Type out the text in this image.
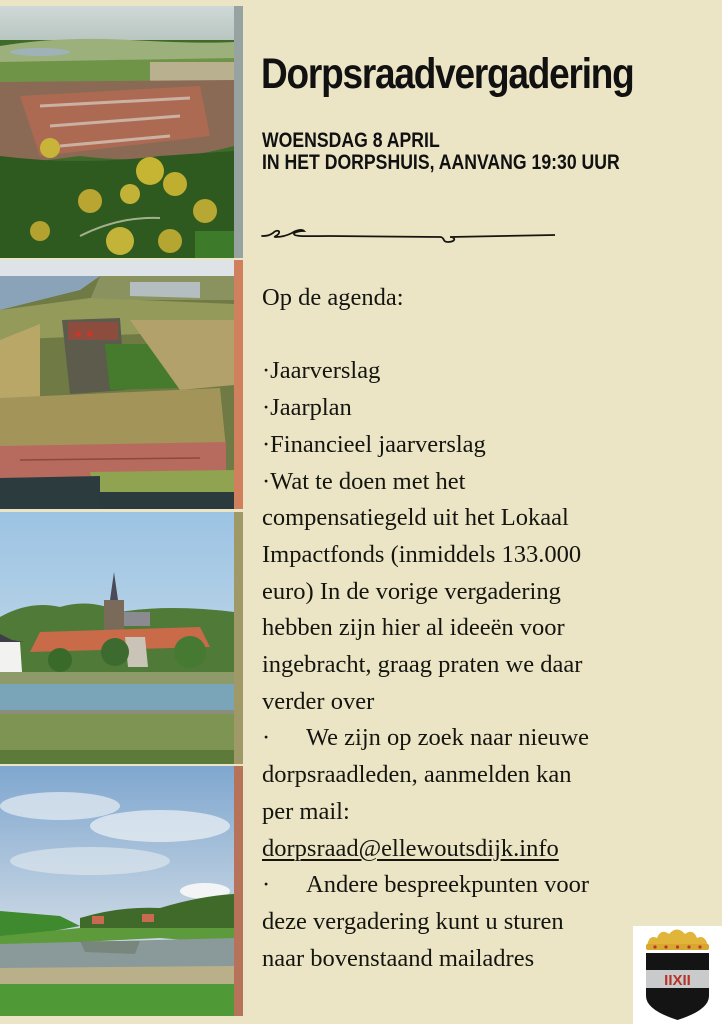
Dorpsraadvergadering
WOENSDAG 8 APRIL
IN HET DORPSHUIS, AANVANG 19:30 UUR
Op de agenda:
·Jaarverslag
·Jaarplan
·Financieel jaarverslag
·Wat te doen met het
compensatiegeld uit het Lokaal
Impactfonds (inmiddels 133.000
euro) In de vorige vergadering
hebben zijn hier al ideeën voor
ingebracht, graag praten we daar
verder over
· We zijn op zoek naar nieuwe
dorpsraadleden, aanmelden kan
per mail:
dorpsraad@ellewoutsdijk.info
· Andere bespreekpunten voor
deze vergadering kunt u sturen
naar bovenstaand mailadres
IIXII
